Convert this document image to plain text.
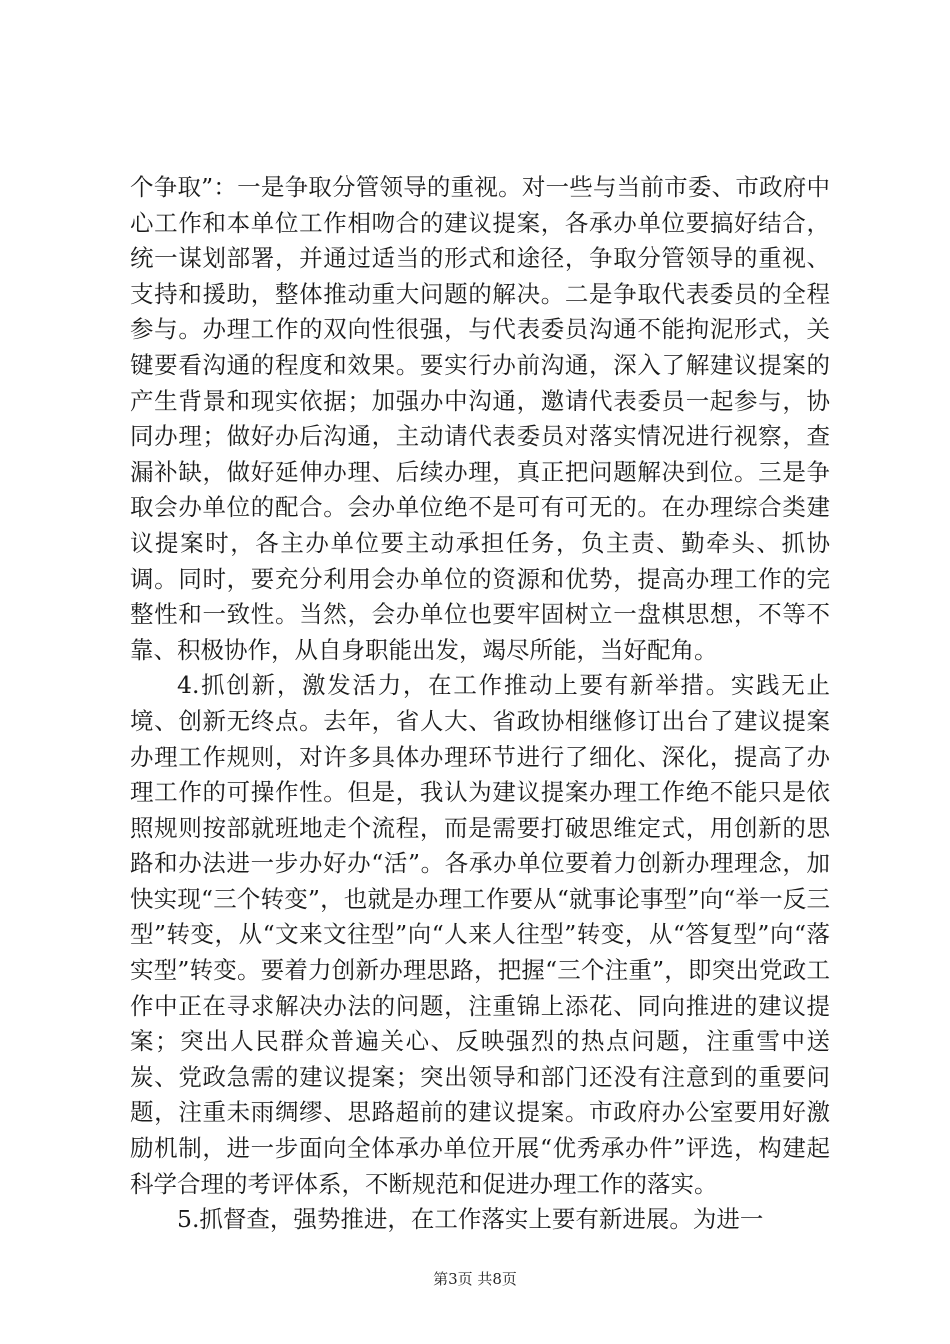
个争取”：一是争取分管领导的重视。对一些与当前市委、市政府中心工作和本单位工作相吻合的建议提案，各承办单位要搞好结合，统一谋划部署，并通过适当的形式和途径，争取分管领导的重视、支持和援助，整体推动重大问题的解决。二是争取代表委员的全程参与。办理工作的双向性很强，与代表委员沟通不能拘泥形式，关键要看沟通的程度和效果。要实行办前沟通，深入了解建议提案的产生背景和现实依据；加强办中沟通，邀请代表委员一起参与，协同办理；做好办后沟通，主动请代表委员对落实情况进行视察，查漏补缺，做好延伸办理、后续办理，真正把问题解决到位。三是争取会办单位的配合。会办单位绝不是可有可无的。在办理综合类建议提案时，各主办单位要主动承担任务，负主责、勤牵头、抓协调。同时，要充分利用会办单位的资源和优势，提高办理工作的完整性和一致性。当然，会办单位也要牢固树立一盘棋思想，不等不靠、积极协作，从自身职能出发，竭尽所能，当好配角。

4.抓创新，激发活力，在工作推动上要有新举措。实践无止境、创新无终点。去年，省人大、省政协相继修订出台了建议提案办理工作规则，对许多具体办理环节进行了细化、深化，提高了办理工作的可操作性。但是，我认为建议提案办理工作绝不能只是依照规则按部就班地走个流程，而是需要打破思维定式，用创新的思路和办法进一步办好办“活”。各承办单位要着力创新办理理念，加快实现“三个转变”，也就是办理工作要从“就事论事型”向“举一反三型”转变，从“文来文往型”向“人来人往型”转变，从“答复型”向“落实型”转变。要着力创新办理思路，把握“三个注重”，即突出党政工作中正在寻求解决办法的问题，注重锦上添花、同向推进的建议提案；突出人民群众普遍关心、反映强烈的热点问题，注重雪中送炭、党政急需的建议提案；突出领导和部门还没有注意到的重要问题，注重未雨绸缪、思路超前的建议提案。市政府办公室要用好激励机制，进一步面向全体承办单位开展“优秀承办件”评选，构建起科学合理的考评体系，不断规范和促进办理工作的落实。

5.抓督查，强势推进，在工作落实上要有新进展。为进一

第3页 共8页
